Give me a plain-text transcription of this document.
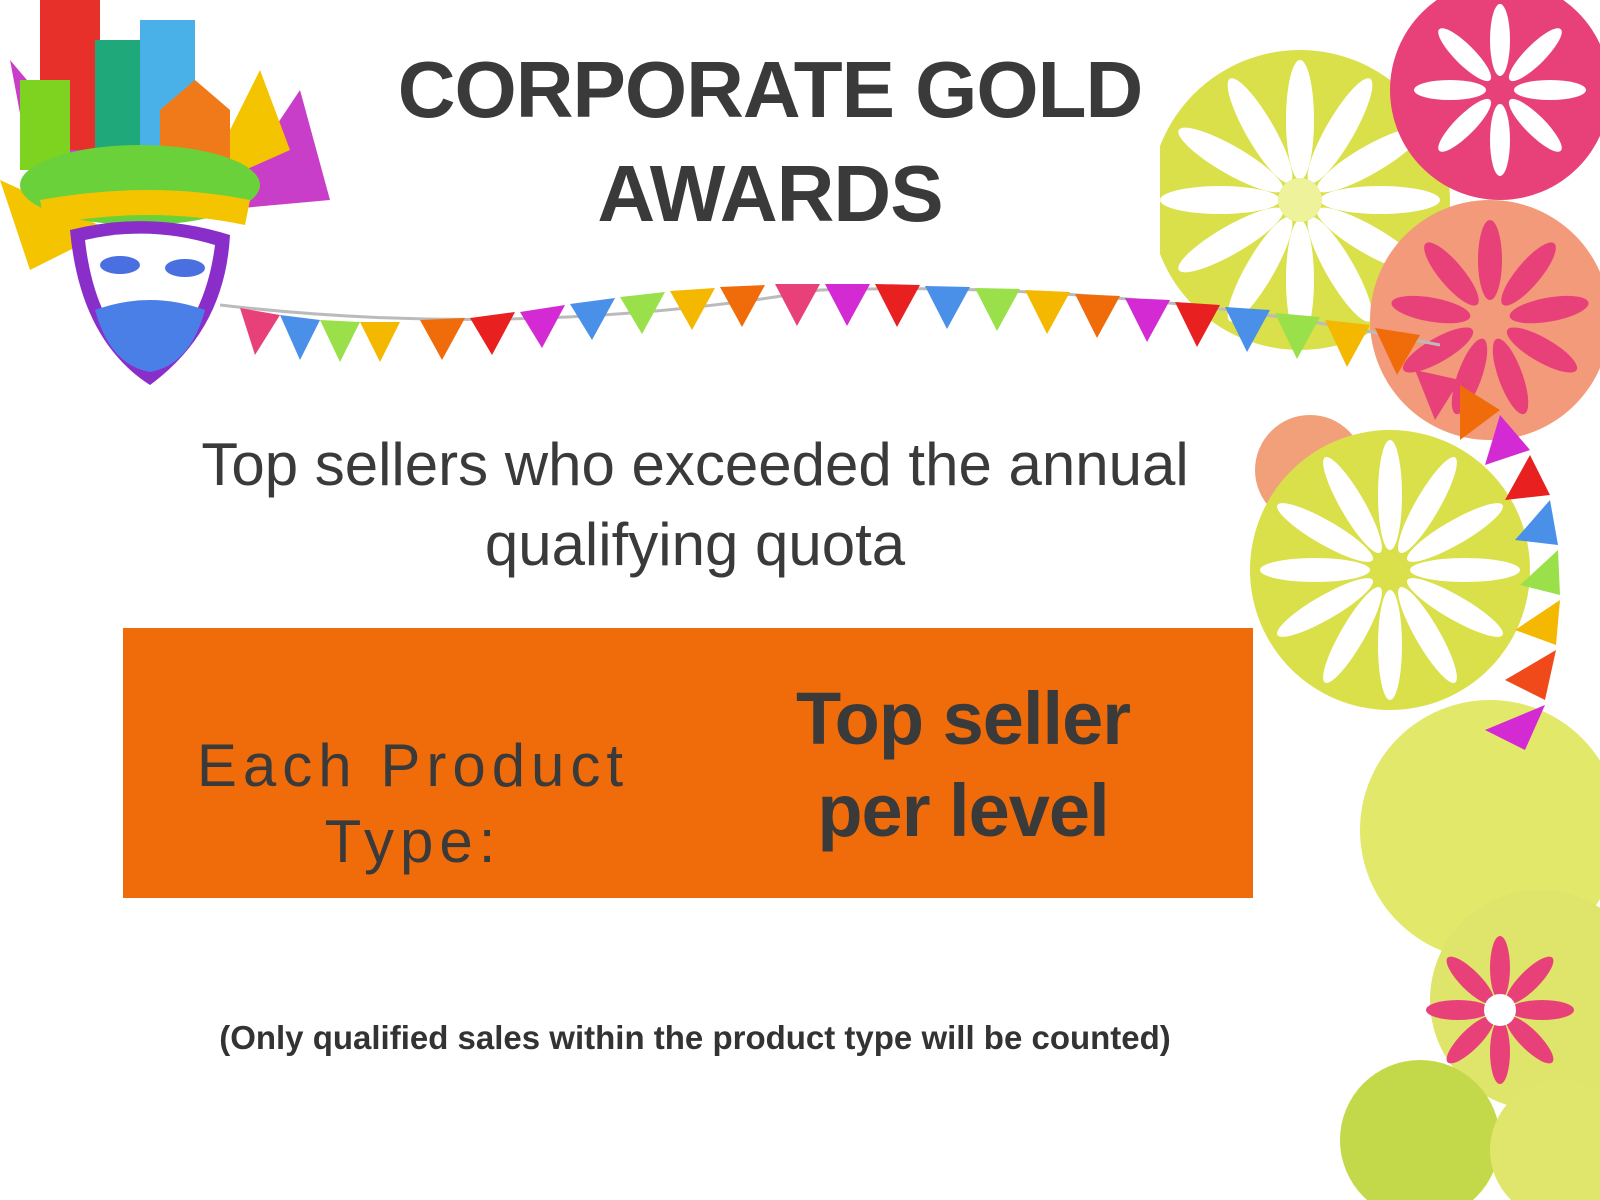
CORPORATE GOLD
AWARDS
Top sellers who exceeded the annual
qualifying quota
Each Product
Type:
Top seller
per level
(Only qualified sales within the product type will be counted)
